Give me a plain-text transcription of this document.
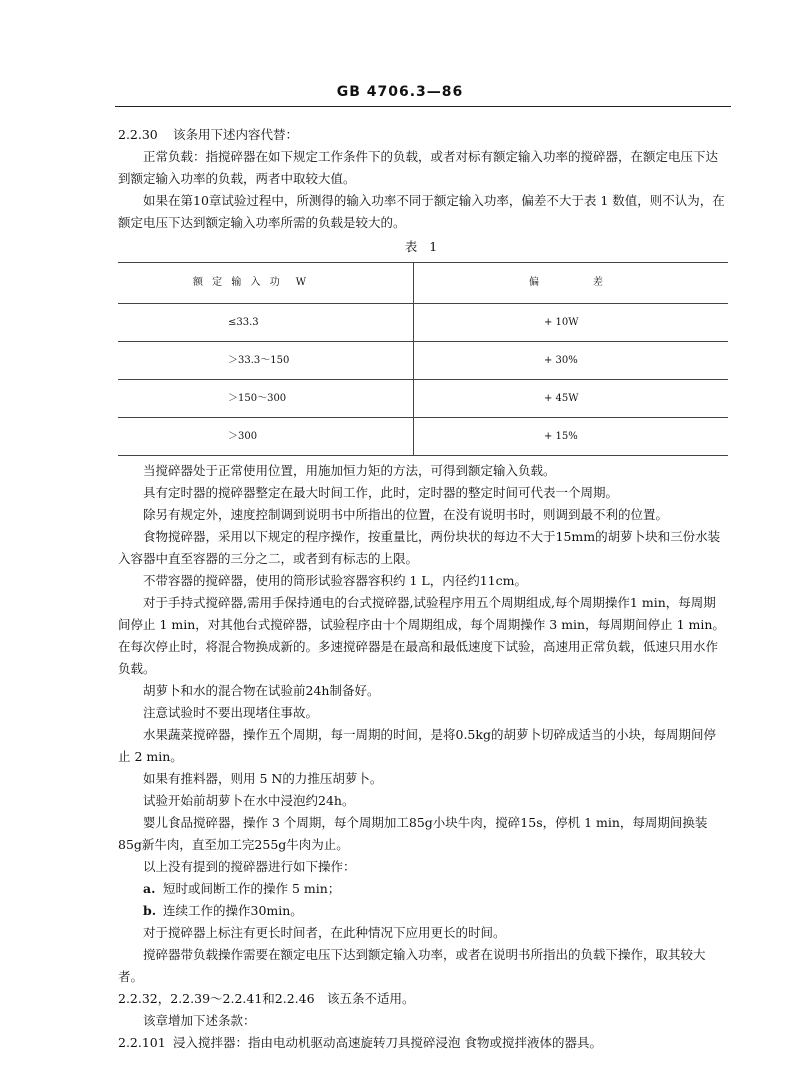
GB 4706.3—86

2.2.30 该条用下述内容代替：

正常负载：指搅碎器在如下规定工作条件下的负载，或者对标有额定输入功率的搅碎器，在额定电压下达到额定输入功率的负载，两者中取较大值。

如果在第10章试验过程中，所测得的输入功率不同于额定输入功率，偏差不大于表 1 数值，则不认为，在额定电压下达到额定输入功率所需的负载是较大的。

表 1
额 定 输 入 功　W	偏　差
≤33.3	+ 10W
＞33.3～150	+ 30%
＞150～300	+ 45W
＞300	+ 15%

当搅碎器处于正常使用位置，用施加恒力矩的方法，可得到额定输入负载。

具有定时器的搅碎器整定在最大时间工作，此时，定时器的整定时间可代表一个周期。

除另有规定外，速度控制调到说明书中所指出的位置，在没有说明书时，则调到最不利的位置。

食物搅碎器，采用以下规定的程序操作，按重量比，两份块状的每边不大于15mm的胡萝卜块和三份水装入容器中直至容器的三分之二，或者到有标志的上限。

不带容器的搅碎器，使用的筒形试验容器容积约 1 L，内径约11cm。

对于手持式搅碎器,需用手保持通电的台式搅碎器,试验程序用五个周期组成,每个周期操作1 min，每周期间停止 1 min，对其他台式搅碎器，试验程序由十个周期组成，每个周期操作 3 min，每周期间停止 1 min。在每次停止时，将混合物换成新的。多速搅碎器是在最高和最低速度下试验，高速用正常负载，低速只用水作负载。

胡萝卜和水的混合物在试验前24h制备好。

注意试验时不要出现堵住事故。

水果蔬菜搅碎器，操作五个周期，每一周期的时间，是将0.5kg的胡萝卜切碎成适当的小块，每周期间停止 2 min。

如果有推料器，则用 5 N的力推压胡萝卜。

试验开始前胡萝卜在水中浸泡约24h。

婴儿食品搅碎器，操作 3 个周期，每个周期加工85g小块牛肉，搅碎15s，停机 1 min，每周期间换装85g新牛肉，直至加工完255g牛肉为止。

以上没有提到的搅碎器进行如下操作：

a. 短时或间断工作的操作 5 min；

b. 连续工作的操作30min。

对于搅碎器上标注有更长时间者，在此种情况下应用更长的时间。

搅碎器带负载操作需要在额定电压下达到额定输入功率，或者在说明书所指出的负载下操作，取其较大者。

2.2.32，2.2.39～2.2.41和2.2.46　该五条不适用。

该章增加下述条款：

2.2.101 浸入搅拌器：指由电动机驱动高速旋转刀具搅碎浸泡 食物或搅拌液体的器具。
